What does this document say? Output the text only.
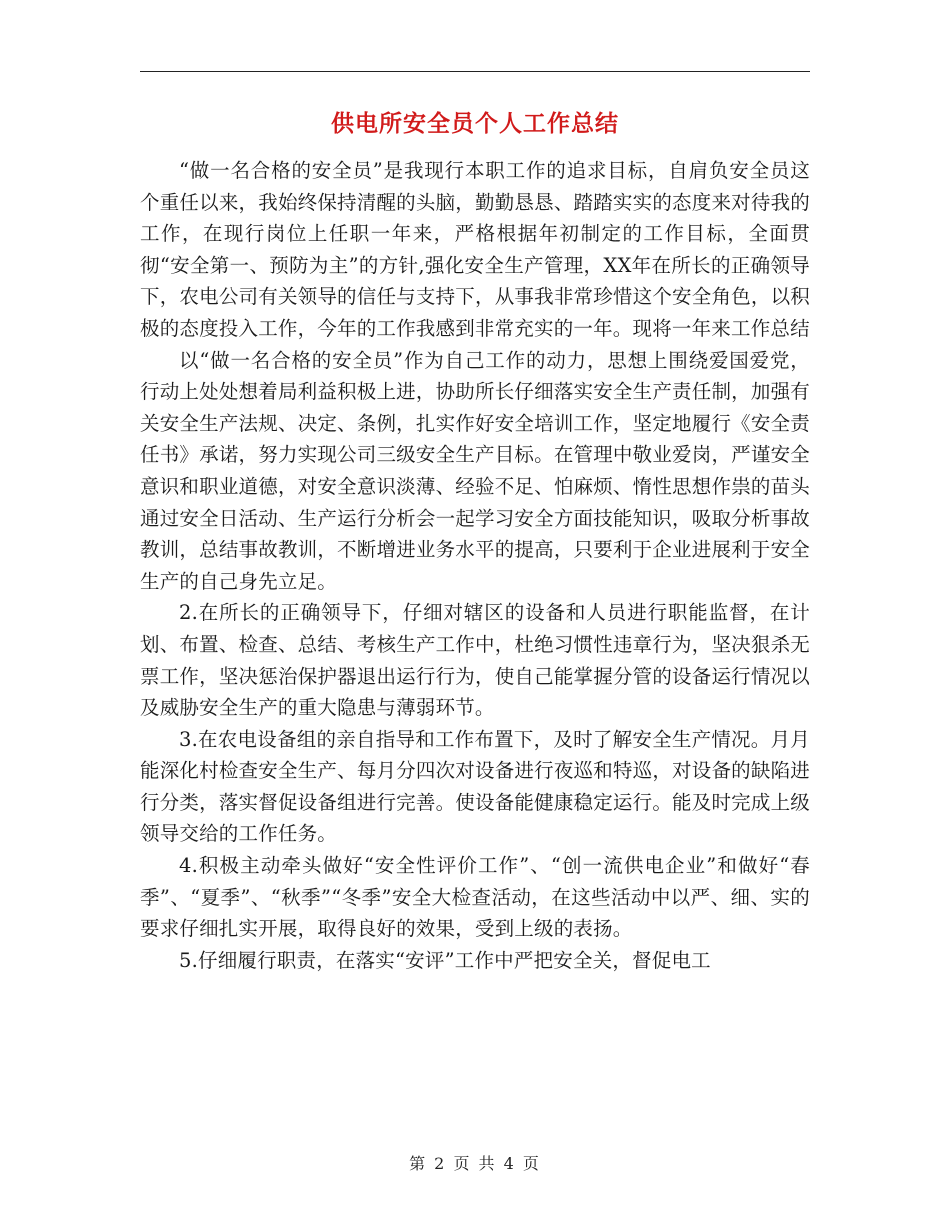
供电所安全员个人工作总结

“做一名合格的安全员”是我现行本职工作的追求目标，自肩负安全员这个重任以来，我始终保持清醒的头脑，勤勤恳恳、踏踏实实的态度来对待我的工作，在现行岗位上任职一年来，严格根据年初制定的工作目标，全面贯彻“安全第一、预防为主”的方针,强化安全生产管理，XX年在所长的正确领导下，农电公司有关领导的信任与支持下，从事我非常珍惜这个安全角色，以积极的态度投入工作，今年的工作我感到非常充实的一年。现将一年来工作总结

以“做一名合格的安全员”作为自己工作的动力，思想上围绕爱国爱党，行动上处处想着局利益积极上进，协助所长仔细落实安全生产责任制，加强有关安全生产法规、决定、条例，扎实作好安全培训工作，坚定地履行《安全责任书》承诺，努力实现公司三级安全生产目标。在管理中敬业爱岗，严谨安全意识和职业道德，对安全意识淡薄、经验不足、怕麻烦、惰性思想作祟的苗头通过安全日活动、生产运行分析会一起学习安全方面技能知识，吸取分析事故教训，总结事故教训，不断增进业务水平的提高，只要利于企业进展利于安全生产的自己身先立足。

2.在所长的正确领导下，仔细对辖区的设备和人员进行职能监督，在计划、布置、检查、总结、考核生产工作中，杜绝习惯性违章行为，坚决狠杀无票工作，坚决惩治保护器退出运行行为，使自己能掌握分管的设备运行情况以及威胁安全生产的重大隐患与薄弱环节。

3.在农电设备组的亲自指导和工作布置下，及时了解安全生产情况。月月能深化村检查安全生产、每月分四次对设备进行夜巡和特巡，对设备的缺陷进行分类，落实督促设备组进行完善。使设备能健康稳定运行。能及时完成上级领导交给的工作任务。

4.积极主动牵头做好“安全性评价工作”、“创一流供电企业”和做好“春季”、“夏季”、“秋季”“冬季”安全大检查活动，在这些活动中以严、细、实的要求仔细扎实开展，取得良好的效果，受到上级的表扬。

5.仔细履行职责，在落实“安评”工作中严把安全关，督促电工

第 2 页 共 4 页
